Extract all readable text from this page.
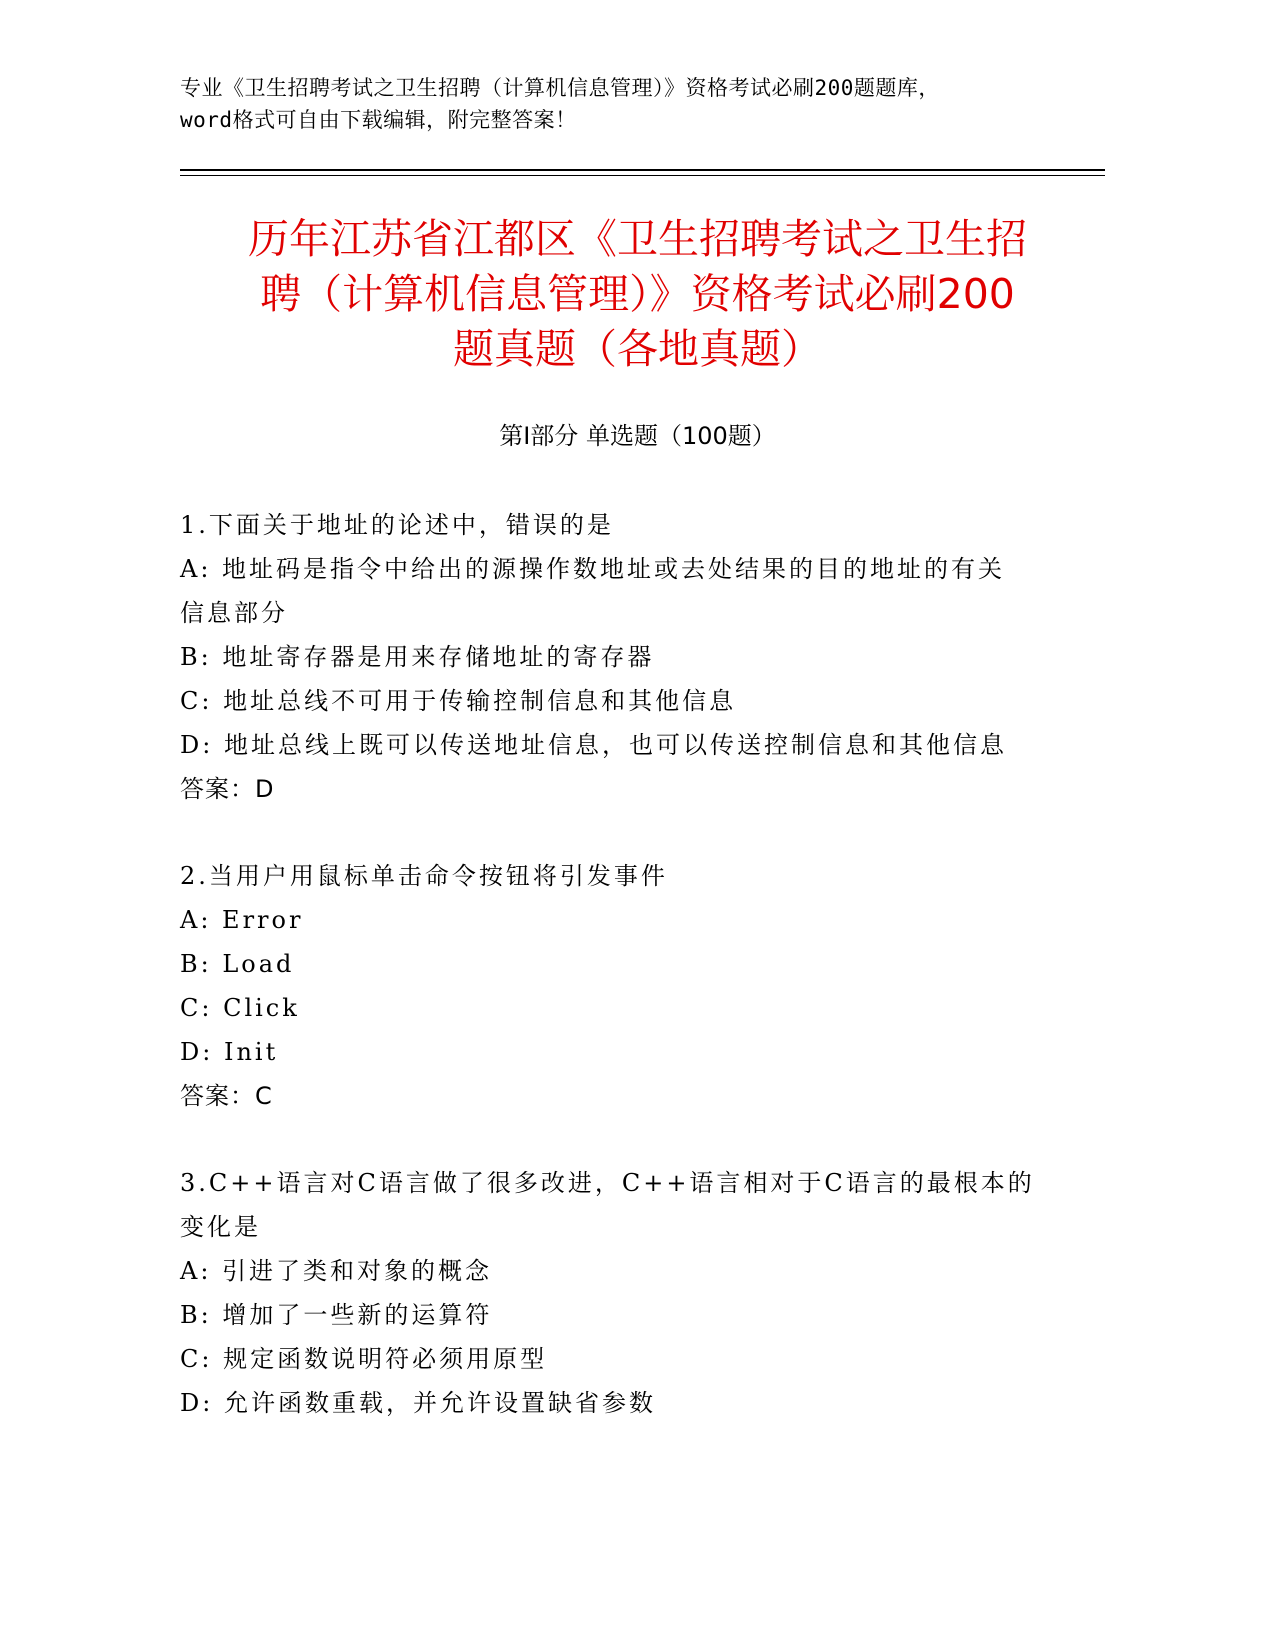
专业《卫生招聘考试之卫生招聘（计算机信息管理）》资格考试必刷200题题库，
word格式可自由下载编辑，附完整答案！
历年江苏省江都区《卫生招聘考试之卫生招
聘（计算机信息管理）》资格考试必刷200
题真题（各地真题）
第Ⅰ部分 单选题（100题）
1.下面关于地址的论述中，错误的是
A: 地址码是指令中给出的源操作数地址或去处结果的目的地址的有关
信息部分
B: 地址寄存器是用来存储地址的寄存器
C: 地址总线不可用于传输控制信息和其他信息
D: 地址总线上既可以传送地址信息，也可以传送控制信息和其他信息
答案：D
2.当用户用鼠标单击命令按钮将引发事件
A: Error
B: Load
C: Click
D: Init
答案：C
3.C++语言对C语言做了很多改进，C++语言相对于C语言的最根本的
变化是
A: 引进了类和对象的概念
B: 增加了一些新的运算符
C: 规定函数说明符必须用原型
D: 允许函数重载，并允许设置缺省参数
